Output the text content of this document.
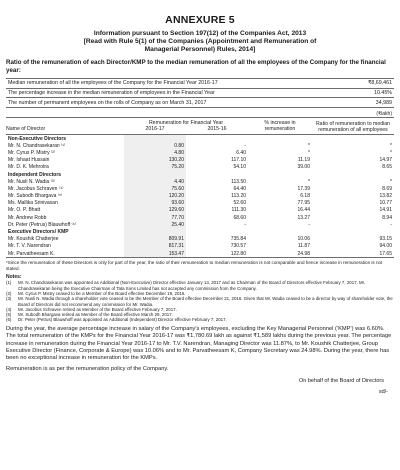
ANNEXURE 5
Information pursuant to Section 197(12) of the Companies Act, 2013
[Read with Rule 5(1) of the Companies (Appointment and Remuneration of
Managerial Personnel) Rules, 2014]
Ratio of the remuneration of each Director/KMP to the median remuneration of all the employees of the Company for the financial year:
Median remuneration of all the employees of the Company for the Financial Year 2016-17	₹8,69,461
The percentage increase in the median remuneration of employees in the Financial Year	10.45%
The number of permanent employees on the rolls of Company as on March 31, 2017	34,989
(₹lakh)
Name of Director	Remuneration for Financial Year		% increase in remuneration	Ratio of remuneration to median remuneration of all employees
	2016-17	2015-16		
Non-Executive Directors				
Mr. N. Chandrasekaran ⁽¹⁾	0.80	-	*	*
Mr. Cyrus P. Mistry ⁽²⁾	4.80	6.40	*	*
Mr. Ishaat Hussain	130.20	117.10	11.19	14.97
Mr. D. K. Mehrotra	75.20	54.10	39.00	8.65
Independent Directors				
Mr. Nusli N. Wadia ⁽³⁾	4.40	113.50	*	*
Mr. Jacobus Schraven ⁽⁴⁾	75.60	64.40	17.39	8.69
Mr. Subodh Bhargava ⁽⁵⁾	120.20	113.20	6.18	13.82
Ms. Mallika Srinivasan	93.60	52.60	77.95	10.77
Mr. O. P. Bhatt	129.60	111.30	16.44	14.91
Mr. Andrew Robb	77.70	68.60	13.27	8.94
Dr. Peter (Petrus) Blauwhoff ⁽⁶⁾	25.40	-	-	-
Executive Directors/ KMP				
Mr. Koushik Chatterjee	809.91	735.84	10.06	93.15
Mr. T. V. Narendran	817.31	730.57	11.87	94.00
Mr. Parvatheesam K.	153.47	122.80	24.98	17.65
*Since the remuneration of these Directors is only for part of the year, the ratio of their remuneration to median remuneration is not comparable and hence increase in remuneration is not stated.
Notes:
(1)	Mr. N. Chandrasekaran was appointed as Additional (Non-Executive) Director effective January 13, 2017 and as Chairman of the Board of Directors effective February 7, 2017. Mr. Chandrasekaran being the Executive Chairman of Tata Sons Limited has not accepted any commission from the Company.
(2)	Mr. Cyrus P. Mistry ceased to be a Member of the Board effective December 19, 2016.
(3)	Mr. Nusli N. Wadia through a shareholder vote ceased to be the Member of the Board effective December 21, 2016. Given that Mr. Wadia ceased to be a director by way of shareholder vote, the Board of Directors did not recommend any commission for Mr. Wadia.
(4)	Mr. Jacobus Schraven retired as Member of the Board effective February 7, 2017.
(5)	Mr. Subodh Bhargava retired as Member of the Board effective March 29, 2017.
(6)	Dr. Peter (Petrus) Blauwhoff was appointed as Additional (Independent) Director effective February 7, 2017.
During the year, the average percentage increase in salary of the Company's employees, excluding the Key Managerial Personnel (‘KMP’) was 6.60%. The total remuneration of the KMPs for the Financial Year 2016-17 was ₹1,780.69 lakh as against ₹1,589 lakhs during the previous year. The percentage increase in remuneration during the Financial Year 2016-17 to Mr. T.V. Narendran, Managing Director was 11.87%, to Mr. Koushik Chatterjee, Group Executive Director (Finance, Corporate & Europe) was 10.06% and to Mr. Parvatheesam K, Company Secretary was 24.98%. During the year, there has been no exceptional increase in remuneration for the KMPs.
Remuneration is as per the remuneration policy of the Company.
On behalf of the Board of Directors
sd/-
